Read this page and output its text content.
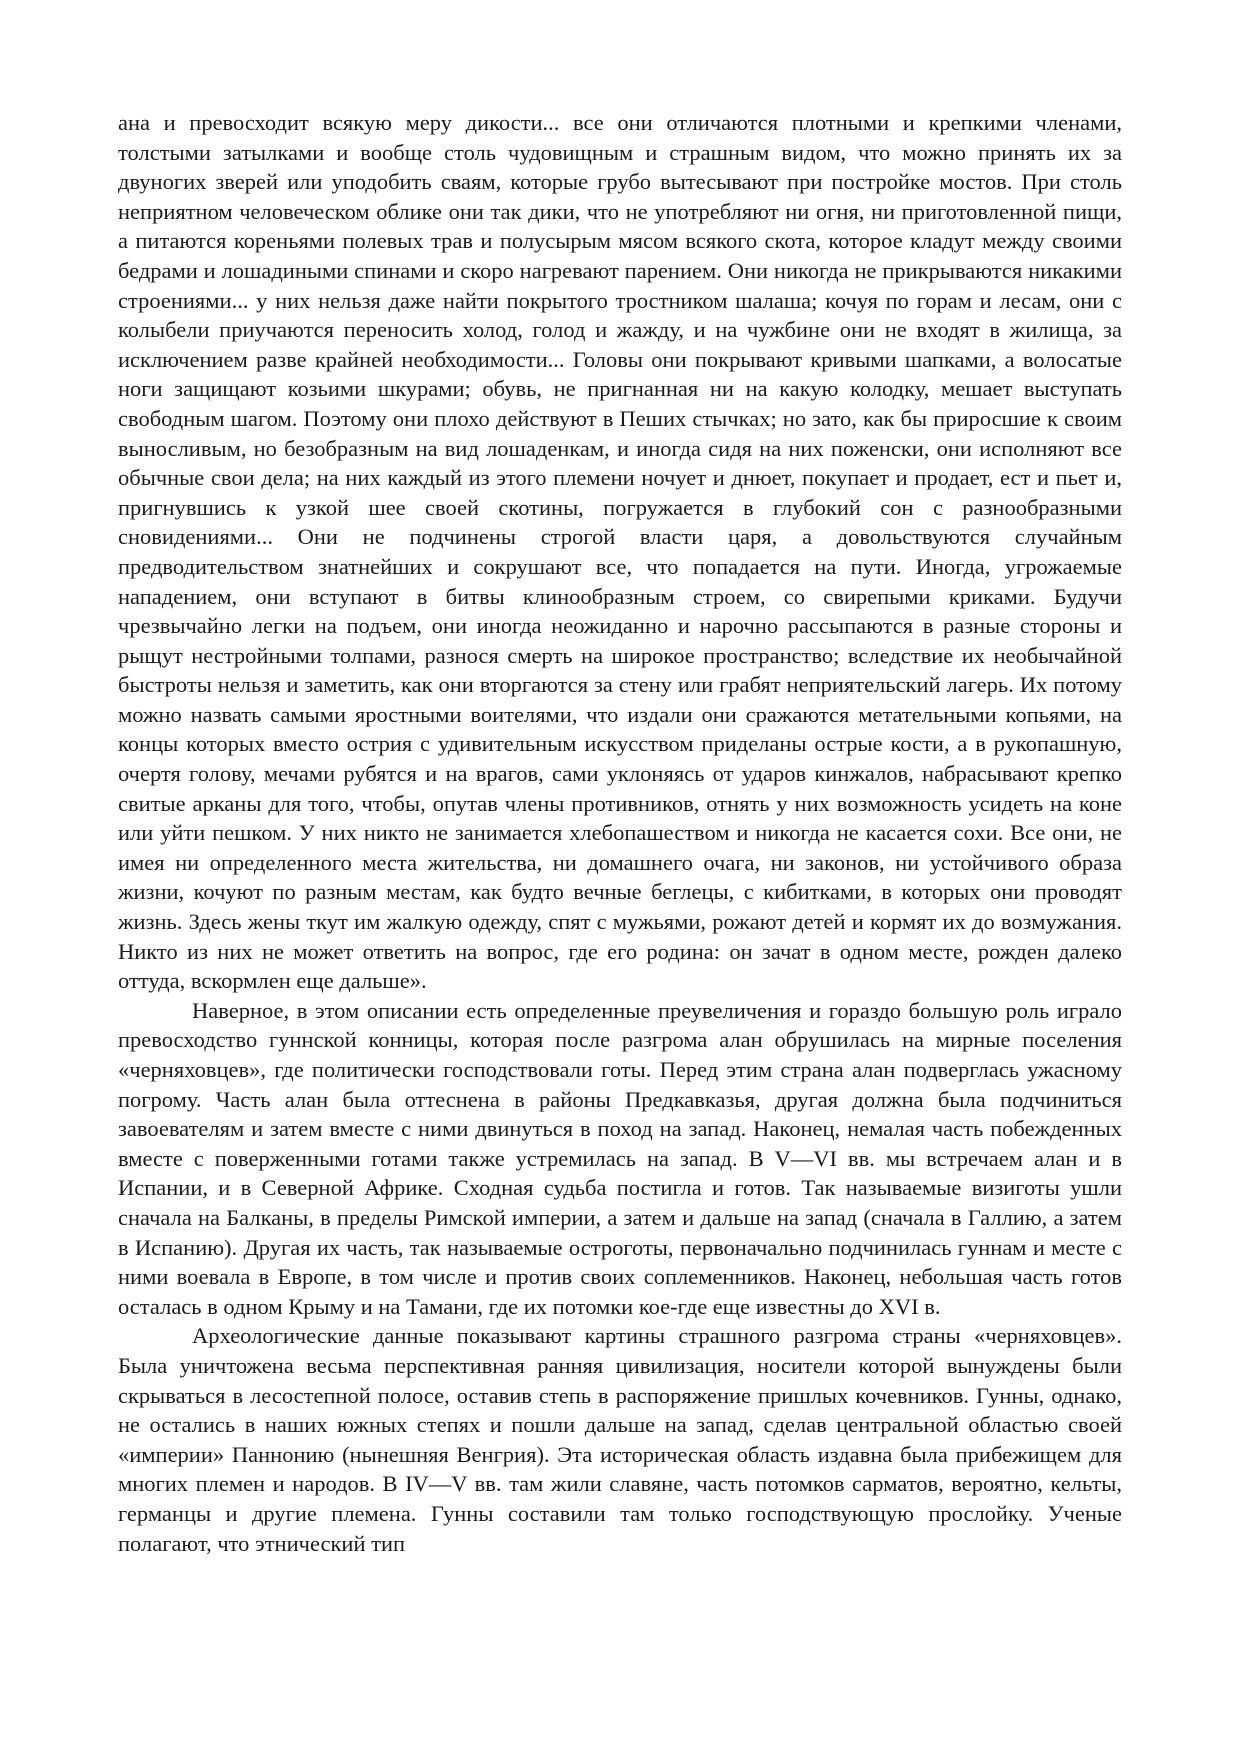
ана и превосходит всякую меру дикости... все они отличаются плотными и крепкими членами, толстыми затылками и вообще столь чудовищным и страшным видом, что можно принять их за двуногих зверей или уподобить сваям, которые грубо вытесывают при постройке мостов. При столь неприятном человеческом облике они так дики, что не употребляют ни огня, ни приготовленной пищи, а питаются кореньями полевых трав и полусырым мясом всякого скота, которое кладут между своими бедрами и лошадиными спинами и скоро нагревают парением. Они никогда не прикрываются никакими строениями... у них нельзя даже найти покрытого тростником шалаша; кочуя по горам и лесам, они с колыбели приучаются переносить холод, голод и жажду, и на чужбине они не входят в жилища, за исключением разве крайней необходимости... Головы они покрывают кривыми шапками, а волосатые ноги защищают козьими шкурами; обувь, не пригнанная ни на какую колодку, мешает выступать свободным шагом. Поэтому они плохо действуют в Пеших стычках; но зато, как бы приросшие к своим выносливым, но безобразным на вид лошаденкам, и иногда сидя на них поженски, они исполняют все обычные свои дела; на них каждый из этого племени ночует и днюет, покупает и продает, ест и пьет и, пригнувшись к узкой шее своей скотины, погружается в глубокий сон с разнообразными сновидениями... Они не подчинены строгой власти царя, а довольствуются случайным предводительством знатнейших и сокрушают все, что попадается на пути. Иногда, угрожаемые нападением, они вступают в битвы клинообразным строем, со свирепыми криками. Будучи чрезвычайно легки на подъем, они иногда неожиданно и нарочно рассыпаются в разные стороны и рыщут нестройными толпами, разнося смерть на широкое пространство; вследствие их необычайной быстроты нельзя и заметить, как они вторгаются за стену или грабят неприятельский лагерь. Их потому можно назвать самыми яростными воителями, что издали они сражаются метательными копьями, на концы которых вместо острия с удивительным искусством приделаны острые кости, а в рукопашную, очертя голову, мечами рубятся и на врагов, сами уклоняясь от ударов кинжалов, набрасывают крепко свитые арканы для того, чтобы, опутав члены противников, отнять у них возможность усидеть на коне или уйти пешком. У них никто не занимается хлебопашеством и никогда не касается сохи. Все они, не имея ни определенного места жительства, ни домашнего очага, ни законов, ни устойчивого образа жизни, кочуют по разным местам, как будто вечные беглецы, с кибитками, в которых они проводят жизнь. Здесь жены ткут им жалкую одежду, спят с мужьями, рожают детей и кормят их до возмужания. Никто из них не может ответить на вопрос, где его родина: он зачат в одном месте, рожден далеко оттуда, вскормлен еще дальше».

Наверное, в этом описании есть определенные преувеличения и гораздо большую роль играло превосходство гуннской конницы, которая после разгрома алан обрушилась на мирные поселения «черняховцев», где политически господствовали готы. Перед этим страна алан подверглась ужасному погрому. Часть алан была оттеснена в районы Предкавказья, другая должна была подчиниться завоевателям и затем вместе с ними двинуться в поход на запад. Наконец, немалая часть побежденных вместе с поверженными готами также устремилась на запад. В V—VI вв. мы встречаем алан и в Испании, и в Северной Африке. Сходная судьба постигла и готов. Так называемые визиготы ушли сначала на Балканы, в пределы Римской империи, а затем и дальше на запад (сначала в Галлию, а затем в Испанию). Другая их часть, так называемые остроготы, первоначально подчинилась гуннам и месте с ними воевала в Европе, в том числе и против своих соплеменников. Наконец, небольшая часть готов осталась в одном Крыму и на Тамани, где их потомки кое-где еще известны до XVI в.

Археологические данные показывают картины страшного разгрома страны «черняховцев». Была уничтожена весьма перспективная ранняя цивилизация, носители которой вынуждены были скрываться в лесостепной полосе, оставив степь в распоряжение пришлых кочевников. Гунны, однако, не остались в наших южных степях и пошли дальше на запад, сделав центральной областью своей «империи» Паннонию (нынешняя Венгрия). Эта историческая область издавна была прибежищем для многих племен и народов. В IV—V вв. там жили славяне, часть потомков сарматов, вероятно, кельты, германцы и другие племена. Гунны составили там только господствующую прослойку. Ученые полагают, что этнический тип
